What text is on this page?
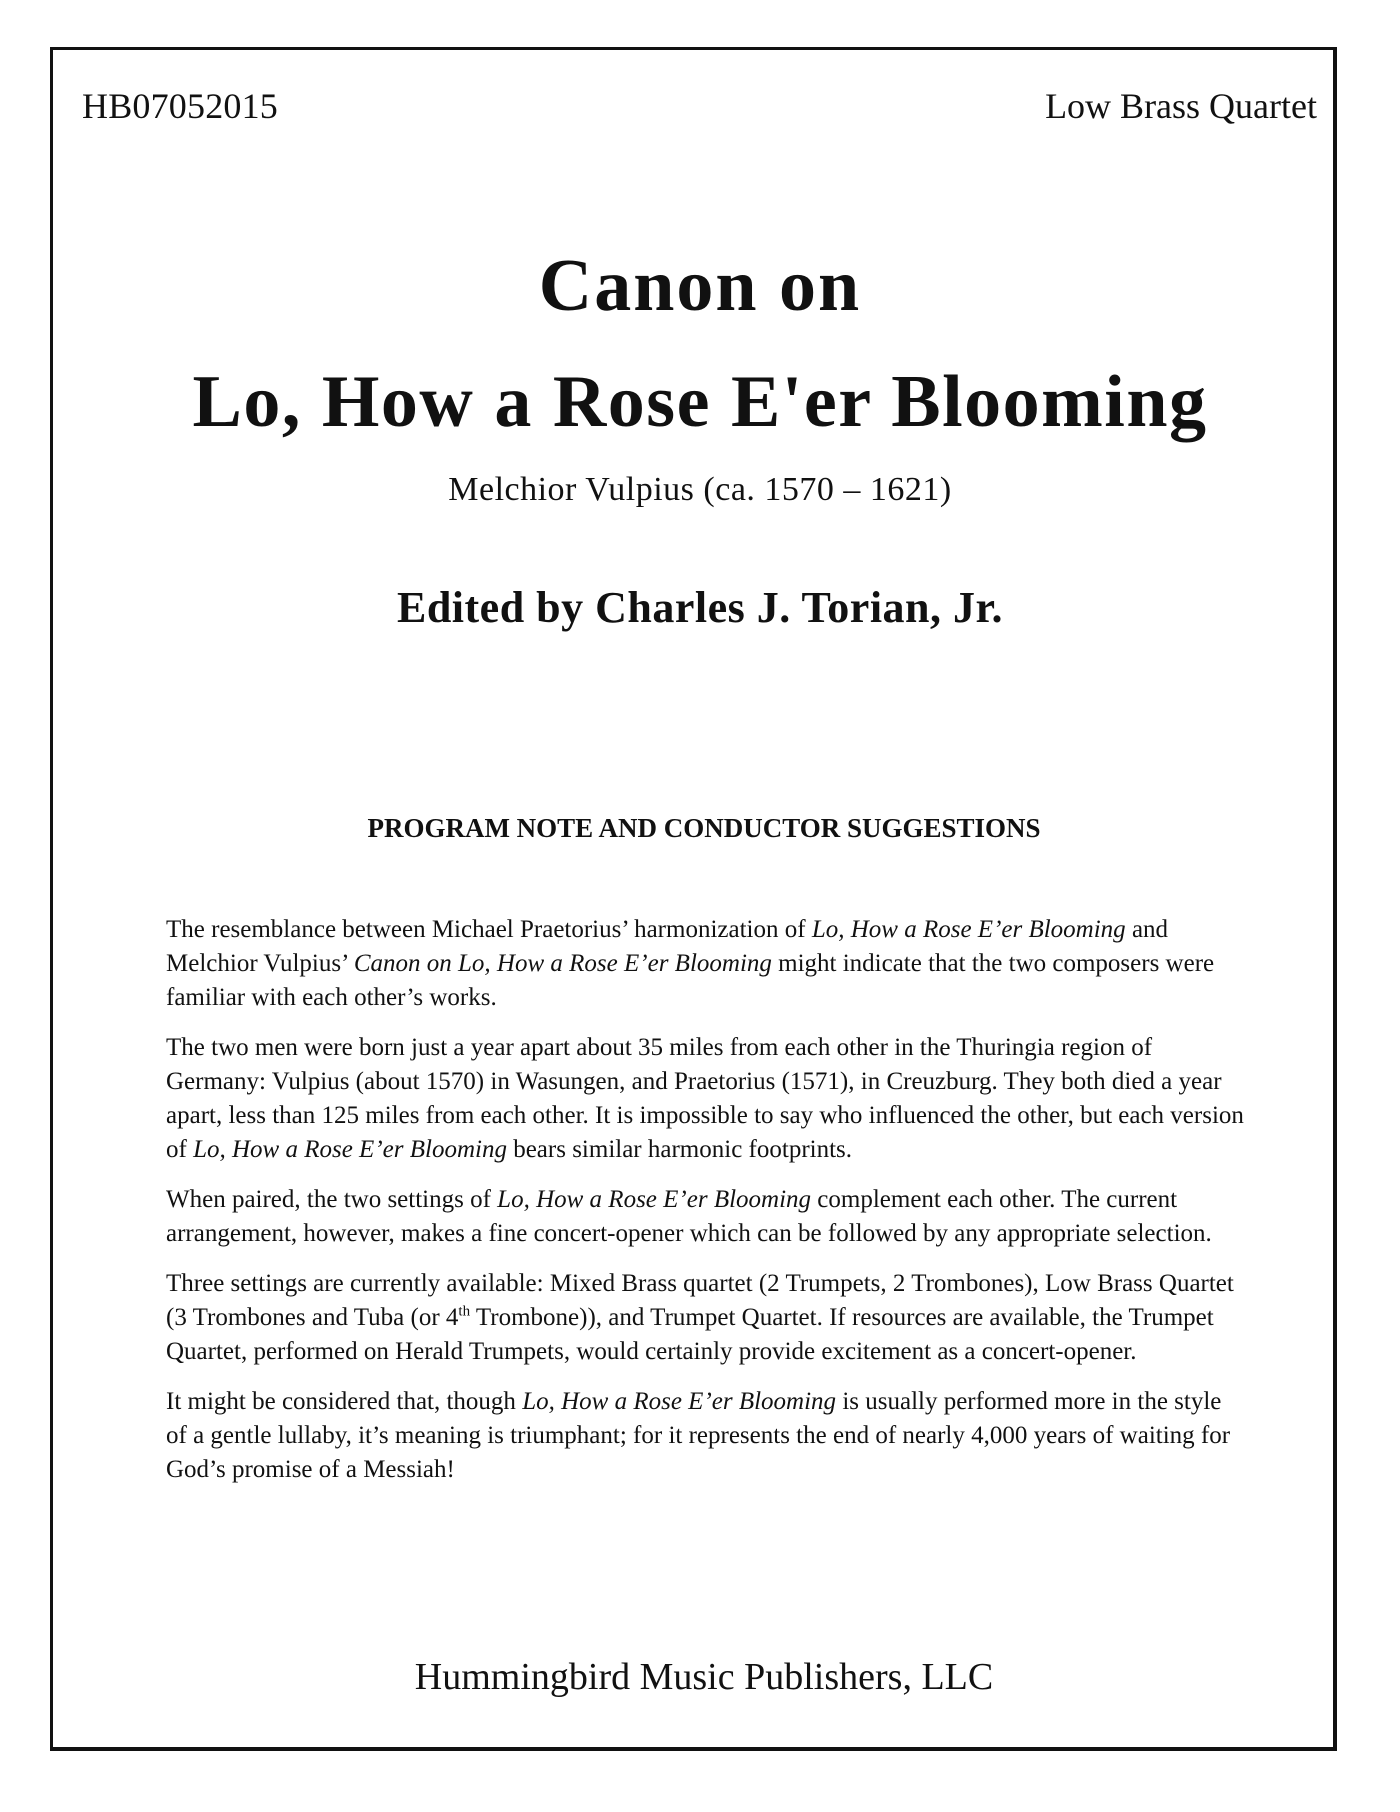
HB07052015	Low Brass Quartet
Canon on
Lo, How a Rose E'er Blooming
Melchior Vulpius (ca. 1570 – 1621)
Edited by Charles J. Torian, Jr.
PROGRAM NOTE AND CONDUCTOR SUGGESTIONS

The resemblance between Michael Praetorius’ harmonization of Lo, How a Rose E’er Blooming and Melchior Vulpius’ Canon on Lo, How a Rose E’er Blooming might indicate that the two composers were familiar with each other’s works.

The two men were born just a year apart about 35 miles from each other in the Thuringia region of Germany: Vulpius (about 1570) in Wasungen, and Praetorius (1571), in Creuzburg. They both died a year apart, less than 125 miles from each other. It is impossible to say who influenced the other, but each version of Lo, How a Rose E’er Blooming bears similar harmonic footprints.

When paired, the two settings of Lo, How a Rose E’er Blooming complement each other. The current arrangement, however, makes a fine concert-opener which can be followed by any appropriate selection.

Three settings are currently available: Mixed Brass quartet (2 Trumpets, 2 Trombones), Low Brass Quartet (3 Trombones and Tuba (or 4th Trombone)), and Trumpet Quartet. If resources are available, the Trumpet Quartet, performed on Herald Trumpets, would certainly provide excitement as a concert-opener.

It might be considered that, though Lo, How a Rose E’er Blooming is usually performed more in the style of a gentle lullaby, it’s meaning is triumphant; for it represents the end of nearly 4,000 years of waiting for God’s promise of a Messiah!

Hummingbird Music Publishers, LLC
